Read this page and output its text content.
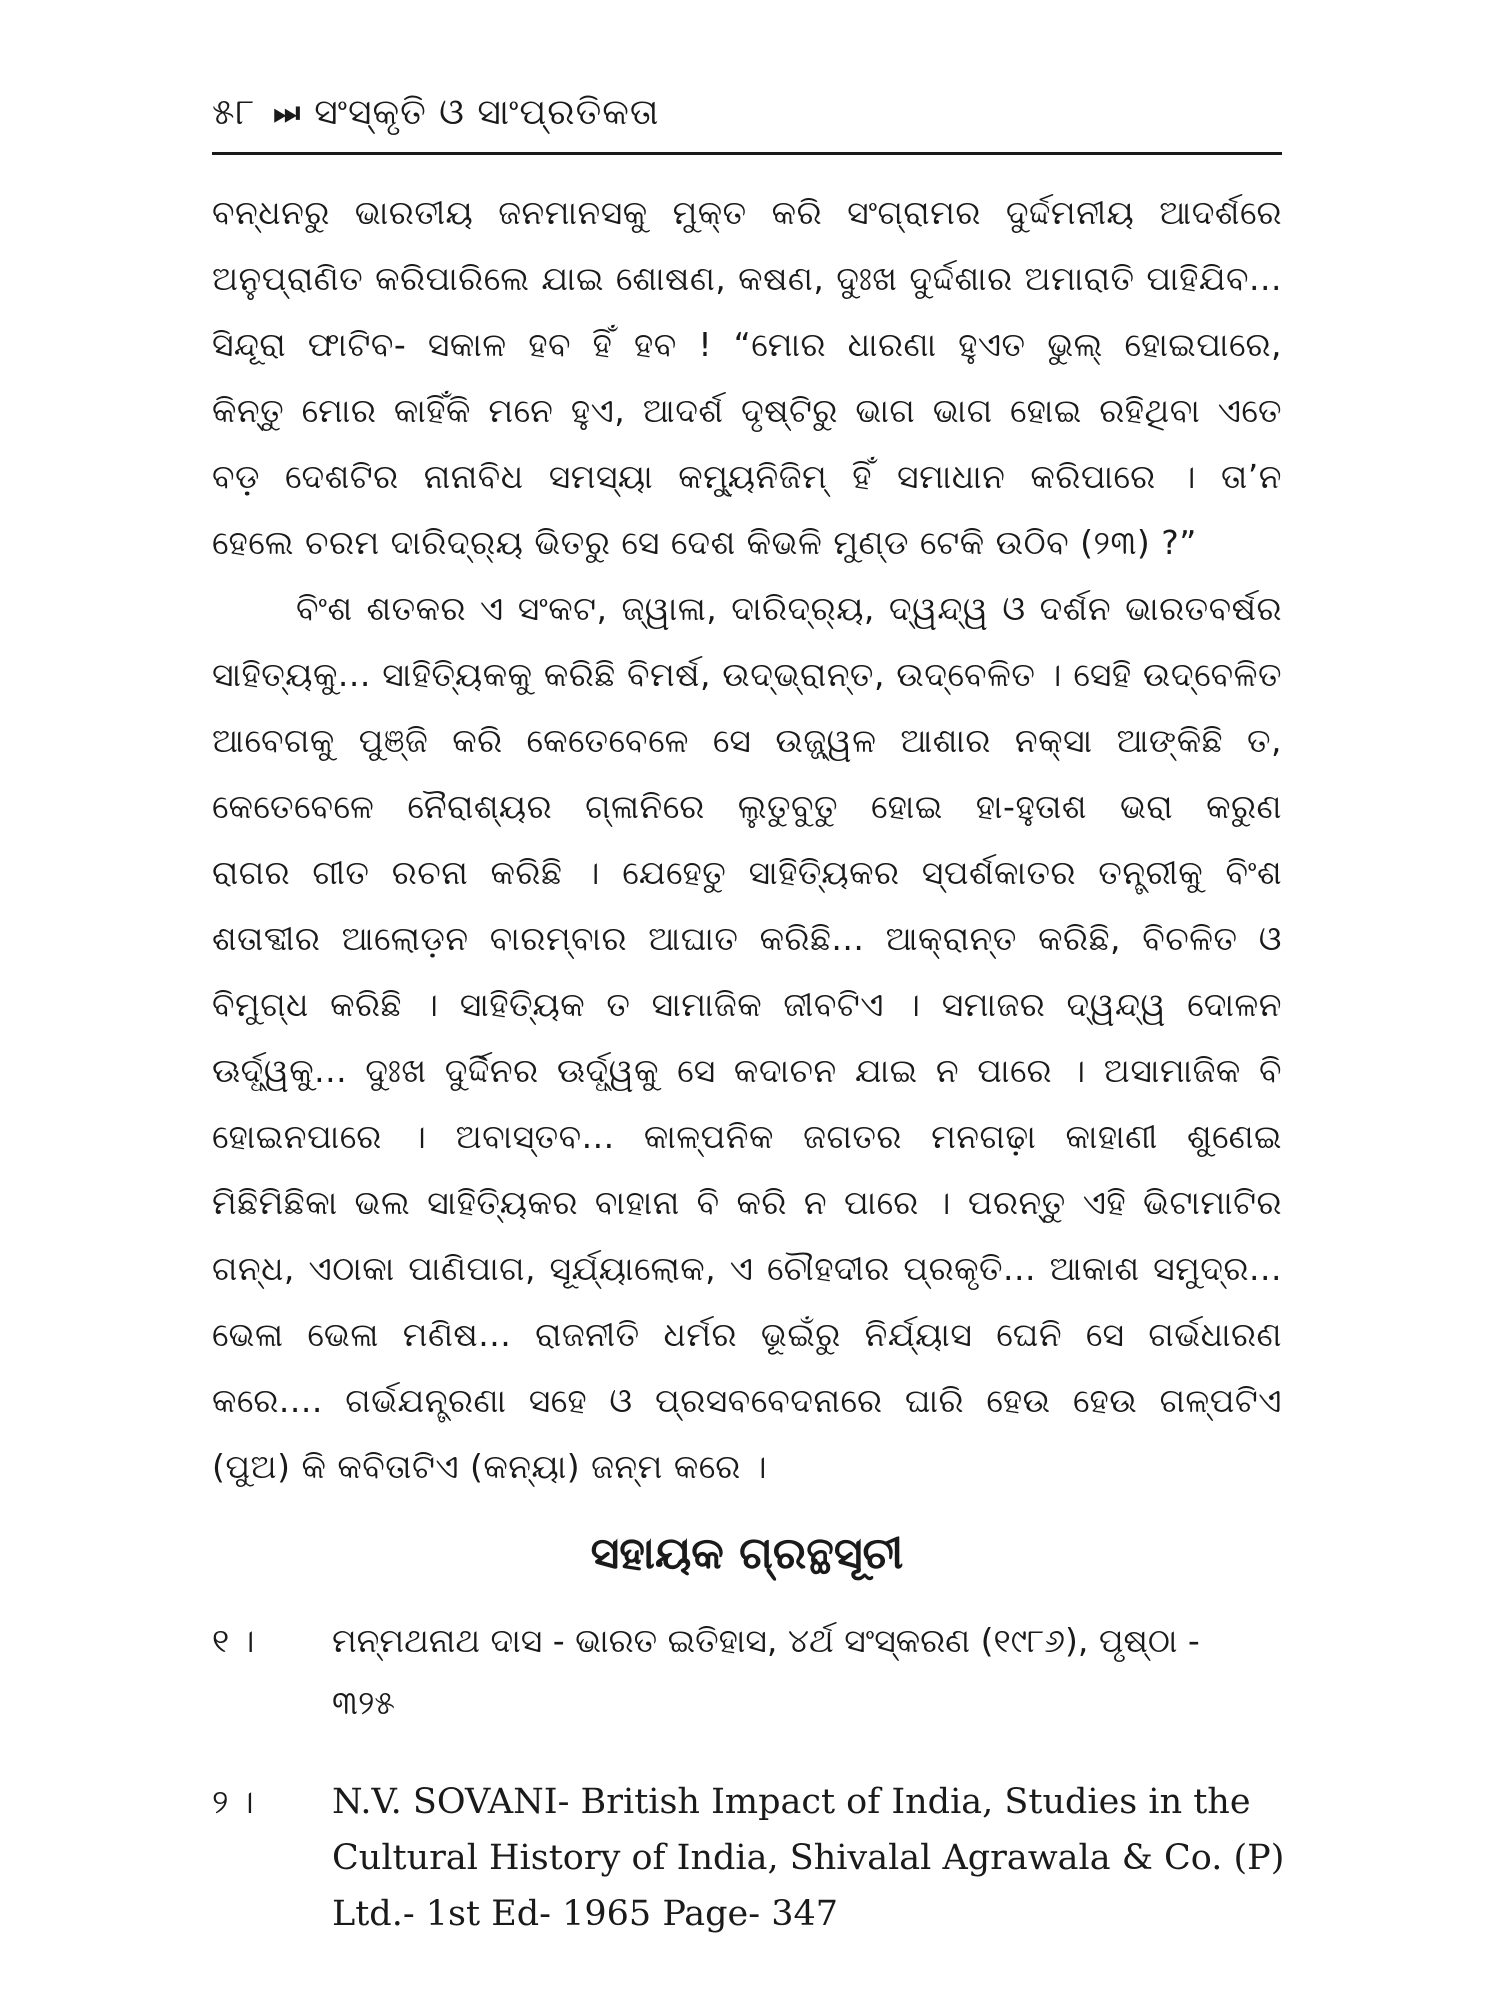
୫୮ ⏭ ସଂସ୍କୃତି ଓ ସାଂପ୍ରତିକତା
ବନ୍ଧନରୁ ଭାରତୀୟ ଜନମାନସକୁ ମୁକ୍ତ କରି ସଂଗ୍ରାମର ଦୁର୍ଦ୍ଦମନୀୟ ଆଦର୍ଶରେ
ଅନୁପ୍ରାଣିତ କରିପାରିଲେ ଯାଇ ଶୋଷଣ, କଷଣ, ଦୁଃଖ ଦୁର୍ଦ୍ଦଶାର ଅମାରାତି ପାହିଯିବ...
ସିନ୍ଦୂରା ଫାଟିବ- ସକାଳ ହବ ହିଁ ହବ ! “ମୋର ଧାରଣା ହୁଏତ ଭୁଲ୍ ହୋଇପାରେ,
କିନ୍ତୁ ମୋର କାହିଁକି ମନେ ହୁଏ, ଆଦର୍ଶ ଦୃଷ୍ଟିରୁ ଭାଗ ଭାଗ ହୋଇ ରହିଥିବା ଏତେ
ବଡ଼ ଦେଶଟିର ନାନାବିଧ ସମସ୍ୟା କମ୍ୟୁନିଜିମ୍ ହିଁ ସମାଧାନ କରିପାରେ । ତା’ନ
ହେଲେ ଚରମ ଦାରିଦ୍ର୍ୟ ଭିତରୁ ସେ ଦେଶ କିଭଳି ମୁଣ୍ଡ ଟେକି ଉଠିବ (୨୩) ?”
ବିଂଶ ଶତକର ଏ ସଂକଟ, ଜ୍ୱାଳା, ଦାରିଦ୍ର୍ୟ, ଦ୍ୱନ୍ଦ୍ୱ ଓ ଦର୍ଶନ ଭାରତବର୍ଷର
ସାହିତ୍ୟକୁ... ସାହିତ୍ୟିକକୁ କରିଛି ବିମର୍ଷ, ଉଦ୍‌ଭ୍ରାନ୍ତ, ଉଦ୍‌ବେଳିତ । ସେହି ଉଦ୍‌ବେଳିତ
ଆବେଗକୁ ପୁଞ୍ଜି କରି କେତେବେଳେ ସେ ଉଜ୍ଜ୍ୱଳ ଆଶାର ନକ୍ସା ଆଙ୍କିଛି ତ,
କେତେବେଳେ ନୈରାଶ୍ୟର ଗ୍ଳାନିରେ ଲୁତୁବୁତୁ ହୋଇ ହା-ହୁତାଶ ଭରା କରୁଣ
ରାଗର ଗୀତ ରଚନା କରିଛି । ଯେହେତୁ ସାହିତ୍ୟିକର ସ୍ପର୍ଶକାତର ତନ୍ତ୍ରୀକୁ ବିଂଶ
ଶତାବ୍ଦୀର ଆଲୋଡ଼ନ ବାରମ୍ବାର ଆଘାତ କରିଛି... ଆକ୍ରାନ୍ତ କରିଛି, ବିଚଳିତ ଓ
ବିମୁଗ୍ଧ କରିଛି । ସାହିତ୍ୟିକ ତ ସାମାଜିକ ଜୀବଟିଏ । ସମାଜର ଦ୍ୱନ୍ଦ୍ୱ ଦୋଳନ
ଊର୍ଦ୍ଧ୍ୱକୁ... ଦୁଃଖ ଦୁର୍ଦ୍ଦିନର ଊର୍ଦ୍ଧ୍ୱକୁ ସେ କଦାଚନ ଯାଇ ନ ପାରେ । ଅସାମାଜିକ ବି
ହୋଇନପାରେ । ଅବାସ୍ତବ... କାଳ୍ପନିକ ଜଗତର ମନଗଢ଼ା କାହାଣୀ ଶୁଣେଇ
ମିଛିମିଛିକା ଭଲ ସାହିତ୍ୟିକର ବାହାନା ବି କରି ନ ପାରେ । ପରନ୍ତୁ ଏହି ଭିଟାମାଟିର
ଗନ୍ଧ, ଏଠାକା ପାଣିପାଗ, ସୂର୍ଯ୍ୟାଲୋକ, ଏ ଚୌହଦୀର ପ୍ରକୃତି... ଆକାଶ ସମୁଦ୍ର...
ଭେଳା ଭେଳା ମଣିଷ... ରାଜନୀତି ଧର୍ମର ଭୂଇଁରୁ ନିର୍ଯ୍ୟାସ ଘେନି ସେ ଗର୍ଭଧାରଣ
କରେ.... ଗର୍ଭଯନ୍ତ୍ରଣା ସହେ ଓ ପ୍ରସବବେଦନାରେ ଘାରି ହେଉ ହେଉ ଗଳ୍ପଟିଏ
(ପୁଅ) କି କବିତାଟିଏ (କନ୍ୟା) ଜନ୍ମ କରେ ।
ସହାୟକ ଗ୍ରନ୍ଥସୂଚୀ
୧ । ମନ୍ମଥନାଥ ଦାସ - ଭାରତ ଇତିହାସ, ୪ର୍ଥ ସଂସ୍କରଣ (୧୯୮୬), ପୃଷ୍ଠା -
୩୨୫
୨ । N.V. SOVANI- British Impact of India, Studies in the
Cultural History of India, Shivalal Agrawala & Co. (P)
Ltd.- 1st Ed- 1965 Page- 347
